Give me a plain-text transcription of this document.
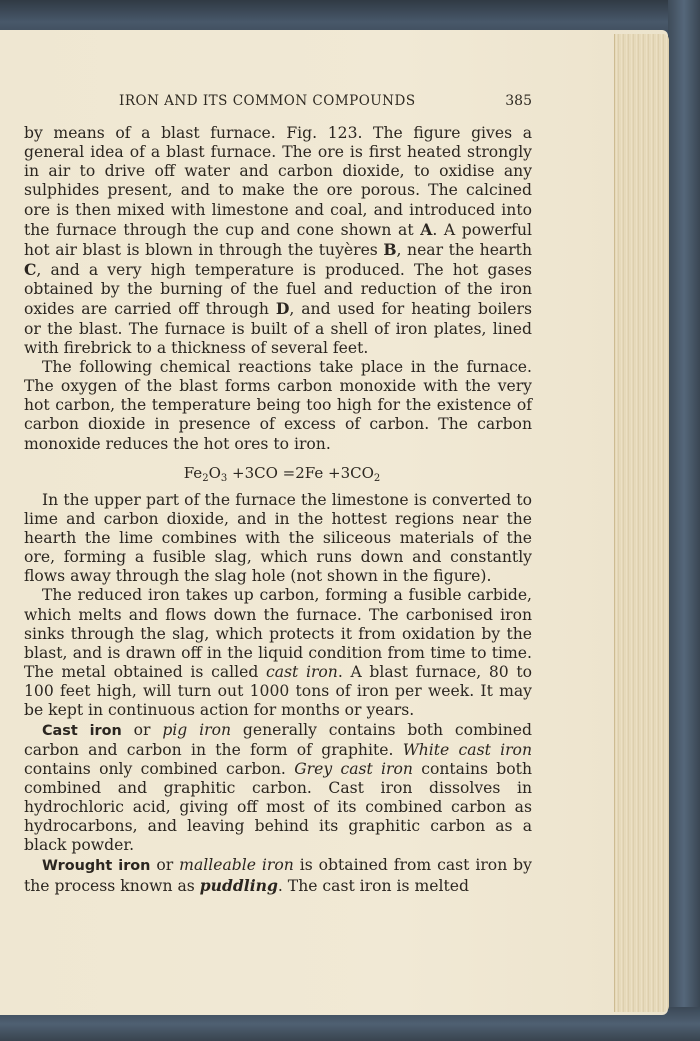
IRON AND ITS COMMON COMPOUNDS	385

by means of a blast furnace. Fig. 123. The figure gives a general idea of a blast furnace. The ore is first heated strongly in air to drive off water and carbon dioxide, to oxidise any sulphides present, and to make the ore porous. The calcined ore is then mixed with limestone and coal, and introduced into the furnace through the cup and cone shown at A. A powerful hot air blast is blown in through the tuyères B, near the hearth C, and a very high temperature is produced. The hot gases obtained by the burning of the fuel and reduction of the iron oxides are carried off through D, and used for heating boilers or the blast. The furnace is built of a shell of iron plates, lined with firebrick to a thickness of several feet.

The following chemical reactions take place in the furnace. The oxygen of the blast forms carbon monoxide with the very hot carbon, the temperature being too high for the existence of carbon dioxide in presence of excess of carbon. The carbon monoxide reduces the hot ores to iron.

$Fe_2O_3 +3CO =2Fe +3CO_2$

In the upper part of the furnace the limestone is converted to lime and carbon dioxide, and in the hottest regions near the hearth the lime combines with the siliceous materials of the ore, forming a fusible slag, which runs down and constantly flows away through the slag hole (not shown in the figure).

The reduced iron takes up carbon, forming a fusible carbide, which melts and flows down the furnace. The carbonised iron sinks through the slag, which protects it from oxidation by the blast, and is drawn off in the liquid condition from time to time. The metal obtained is called cast iron. A blast furnace, 80 to 100 feet high, will turn out 1000 tons of iron per week. It may be kept in continuous action for months or years.

Cast iron or pig iron generally contains both combined carbon and carbon in the form of graphite. White cast iron contains only combined carbon. Grey cast iron contains both combined and graphitic carbon. Cast iron dissolves in hydrochloric acid, giving off most of its combined carbon as hydrocarbons, and leaving behind its graphitic carbon as a black powder.

Wrought iron or malleable iron is obtained from cast iron by the process known as puddling. The cast iron is melted
